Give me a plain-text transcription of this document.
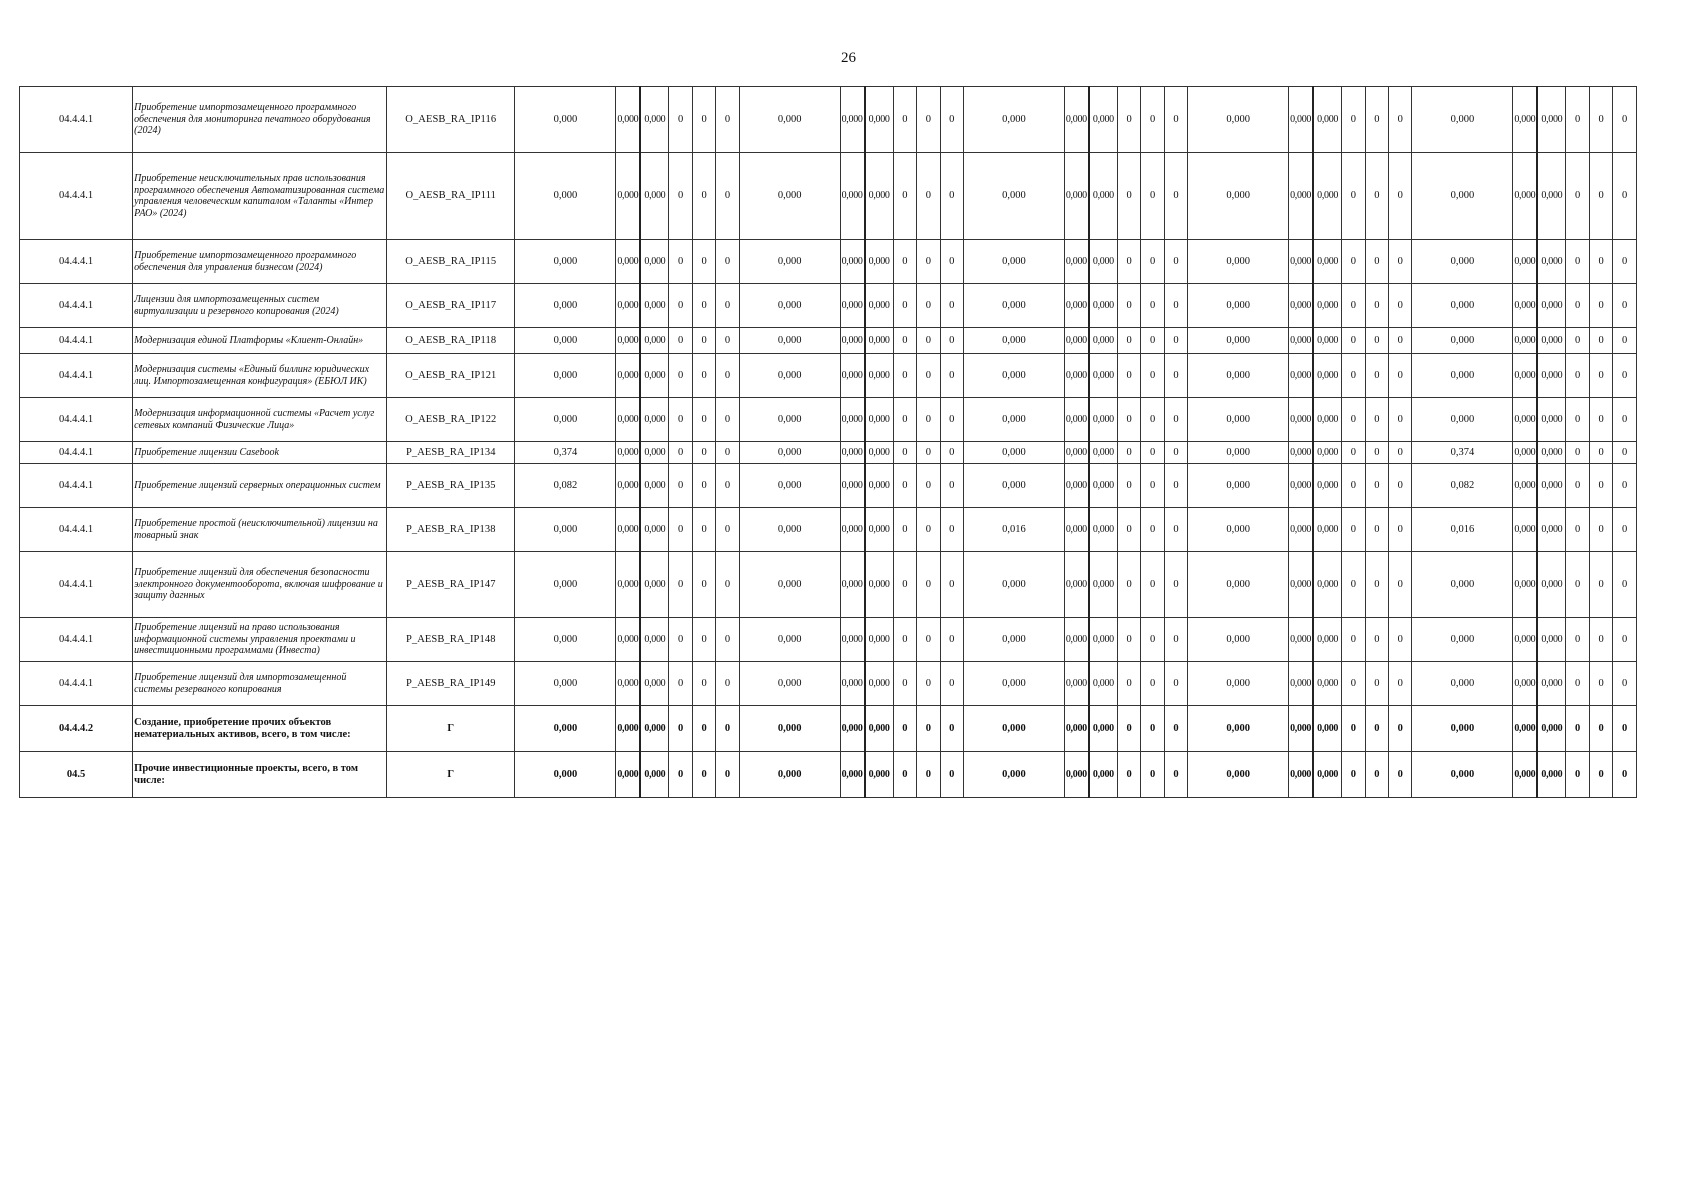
26
04.4.4.1	Приобретение импортозамещенного программного обеспечения для мониторинга печатного оборудования (2024)	O_AESB_RA_IP116	0,000	0,000	0,000	0	0	0	0,000	0,000	0,000	0	0	0	0,000	0,000	0,000	0	0	0	0,000	0,000	0,000	0	0	0	0,000	0,000	0,000	0	0	0
04.4.4.1	Приобретение неисключительных прав использования программного обеспечения Автоматизированная система управления человеческим капиталом «Таланты «Интер РАО» (2024)	O_AESB_RA_IP111	0,000	0,000	0,000	0	0	0	0,000	0,000	0,000	0	0	0	0,000	0,000	0,000	0	0	0	0,000	0,000	0,000	0	0	0	0,000	0,000	0,000	0	0	0
04.4.4.1	Приобретение импортозамещенного программного обеспечения для управления бизнесом (2024)	O_AESB_RA_IP115	0,000	0,000	0,000	0	0	0	0,000	0,000	0,000	0	0	0	0,000	0,000	0,000	0	0	0	0,000	0,000	0,000	0	0	0	0,000	0,000	0,000	0	0	0
04.4.4.1	Лицензии для импортозамещенных систем виртуализации и резервного копирования (2024)	O_AESB_RA_IP117	0,000	0,000	0,000	0	0	0	0,000	0,000	0,000	0	0	0	0,000	0,000	0,000	0	0	0	0,000	0,000	0,000	0	0	0	0,000	0,000	0,000	0	0	0
04.4.4.1	Модернизация единой Платформы «Клиент-Онлайн»	O_AESB_RA_IP118	0,000	0,000	0,000	0	0	0	0,000	0,000	0,000	0	0	0	0,000	0,000	0,000	0	0	0	0,000	0,000	0,000	0	0	0	0,000	0,000	0,000	0	0	0
04.4.4.1	Модернизация системы «Единый биллинг юридических лиц. Импортозамещенная конфигурация» (ЕБЮЛ ИК)	O_AESB_RA_IP121	0,000	0,000	0,000	0	0	0	0,000	0,000	0,000	0	0	0	0,000	0,000	0,000	0	0	0	0,000	0,000	0,000	0	0	0	0,000	0,000	0,000	0	0	0
04.4.4.1	Модернизация информационной системы «Расчет услуг сетевых компаний Физические Лица»	O_AESB_RA_IP122	0,000	0,000	0,000	0	0	0	0,000	0,000	0,000	0	0	0	0,000	0,000	0,000	0	0	0	0,000	0,000	0,000	0	0	0	0,000	0,000	0,000	0	0	0
04.4.4.1	Приобретение лицензии Casebook	P_AESB_RA_IP134	0,374	0,000	0,000	0	0	0	0,000	0,000	0,000	0	0	0	0,000	0,000	0,000	0	0	0	0,000	0,000	0,000	0	0	0	0,374	0,000	0,000	0	0	0
04.4.4.1	Приобретение лицензий серверных операционных систем	P_AESB_RA_IP135	0,082	0,000	0,000	0	0	0	0,000	0,000	0,000	0	0	0	0,000	0,000	0,000	0	0	0	0,000	0,000	0,000	0	0	0	0,082	0,000	0,000	0	0	0
04.4.4.1	Приобретение простой (неисключительной) лицензии на товарный знак	P_AESB_RA_IP138	0,000	0,000	0,000	0	0	0	0,000	0,000	0,000	0	0	0	0,016	0,000	0,000	0	0	0	0,000	0,000	0,000	0	0	0	0,016	0,000	0,000	0	0	0
04.4.4.1	Приобретение лицензий для обеспечения безопасности электронного документооборота, включая шифрование и защиту дагнных	P_AESB_RA_IP147	0,000	0,000	0,000	0	0	0	0,000	0,000	0,000	0	0	0	0,000	0,000	0,000	0	0	0	0,000	0,000	0,000	0	0	0	0,000	0,000	0,000	0	0	0
04.4.4.1	Приобретение лицензий на право использования информационной системы управления проектами и инвестиционными программами (Инвеста)	P_AESB_RA_IP148	0,000	0,000	0,000	0	0	0	0,000	0,000	0,000	0	0	0	0,000	0,000	0,000	0	0	0	0,000	0,000	0,000	0	0	0	0,000	0,000	0,000	0	0	0
04.4.4.1	Приобретение лицензий для импортозамещенной системы резерваного копирования	P_AESB_RA_IP149	0,000	0,000	0,000	0	0	0	0,000	0,000	0,000	0	0	0	0,000	0,000	0,000	0	0	0	0,000	0,000	0,000	0	0	0	0,000	0,000	0,000	0	0	0
04.4.4.2	Создание, приобретение прочих объектов нематериальных активов, всего, в том числе:	Г	0,000	0,000	0,000	0	0	0	0,000	0,000	0,000	0	0	0	0,000	0,000	0,000	0	0	0	0,000	0,000	0,000	0	0	0	0,000	0,000	0,000	0	0	0
04.5	Прочие инвестиционные проекты, всего, в том числе:	Г	0,000	0,000	0,000	0	0	0	0,000	0,000	0,000	0	0	0	0,000	0,000	0,000	0	0	0	0,000	0,000	0,000	0	0	0	0,000	0,000	0,000	0	0	0
